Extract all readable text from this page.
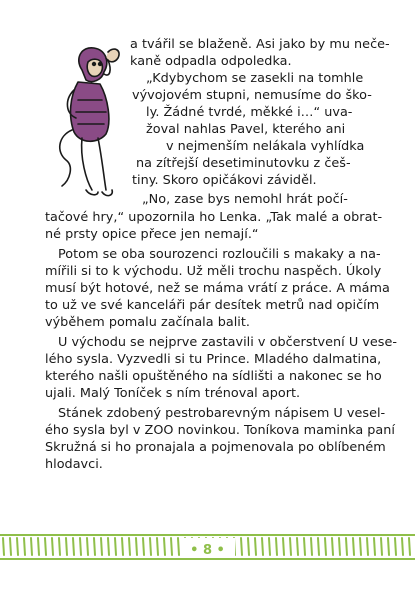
a tvářil se blaženě. Asi jako by mu neče-
kaně odpadla odpoledka.
„Kdybychom se zasekli na tomhle
vývojovém stupni, nemusíme do ško-
ly. Žádné tvrdé, měkké i…“ uva-
žoval nahlas Pavel, kterého ani
v nejmenším nelákala vyhlídka
na zítřejší desetiminutovku z češ-
tiny. Skoro opičákovi záviděl.
„No, zase bys nemohl hrát počí-
tačové hry,“ upozornila ho Lenka. „Tak malé a obrat-
né prsty opice přece jen nemají.“
Potom se oba sourozenci rozloučili s makaky a na-
mířili si to k východu. Už měli trochu naspěch. Úkoly
musí být hotové, než se máma vrátí z práce. A máma
to už ve své kanceláři pár desítek metrů nad opičím
výběhem pomalu začínala balit.
U východu se nejprve zastavili v občerstvení U vese-
lého sysla. Vyzvedli si tu Prince. Mladého dalmatina,
kterého našli opuštěného na sídlišti a nakonec se ho
ujali. Malý Toníček s ním trénoval aport.
Stánek zdobený pestrobarevným nápisem U vesel-
ého sysla byl v ZOO novinkou. Toníkova maminka paní
Skružná si ho pronajala a pojmenovala po oblíbeném
hlodavci.
• 8 •
